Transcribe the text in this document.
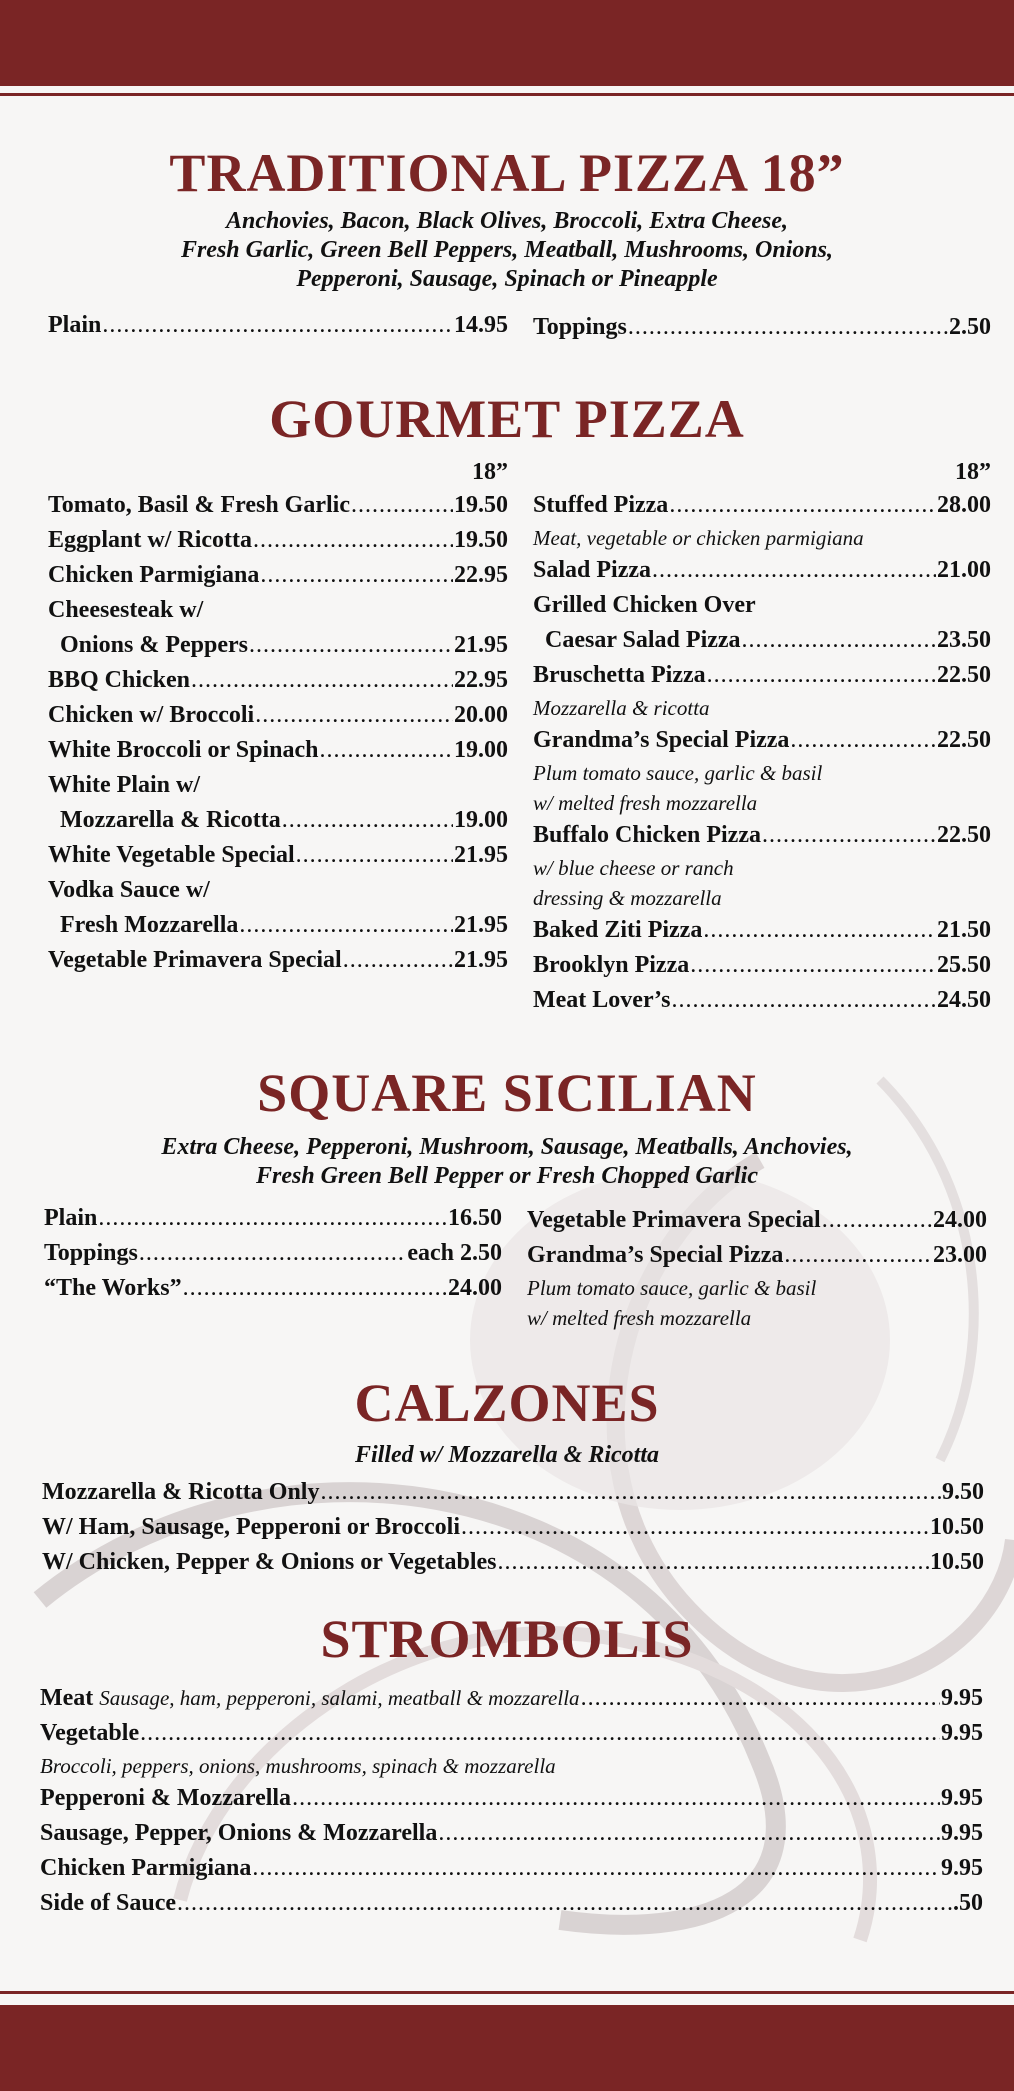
TRADITIONAL PIZZA 18”
Anchovies, Bacon, Black Olives, Broccoli, Extra Cheese,
Fresh Garlic, Green Bell Peppers, Meatball, Mushrooms, Onions,
Pepperoni, Sausage, Spinach or Pineapple
Plain .....	14.95 Toppings .....	2.50
GOURMET PIZZA
18”
Tomato, Basil & Fresh Garlic .....	19.50
Eggplant w/ Ricotta .....	19.50
Chicken Parmigiana .....	22.95
Cheesesteak w/
Onions & Peppers .....	21.95
BBQ Chicken .....	22.95
Chicken w/ Broccoli .....	20.00
White Broccoli or Spinach .....	19.00
White Plain w/
Mozzarella & Ricotta .....	19.00
White Vegetable Special .....	21.95
Vodka Sauce w/
Fresh Mozzarella .....	21.95
Vegetable Primavera Special .....	21.95
18”
Stuffed Pizza .....	28.00
Meat, vegetable or chicken parmigiana
Salad Pizza .....	21.00
Grilled Chicken Over
Caesar Salad Pizza .....	23.50
Bruschetta Pizza .....	22.50
Mozzarella & ricotta
Grandma’s Special Pizza .....	22.50
Plum tomato sauce, garlic & basil
w/ melted fresh mozzarella
Buffalo Chicken Pizza .....	22.50
w/ blue cheese or ranch
dressing & mozzarella
Baked Ziti Pizza .....	21.50
Brooklyn Pizza .....	25.50
Meat Lover’s .....	24.50
SQUARE SICILIAN
Extra Cheese, Pepperoni, Mushroom, Sausage, Meatballs, Anchovies,
Fresh Green Bell Pepper or Fresh Chopped Garlic
Plain .....	16.50
Toppings .....	each 2.50
“The Works” .....	24.00
Vegetable Primavera Special .....	24.00
Grandma’s Special Pizza .....	23.00
Plum tomato sauce, garlic & basil
w/ melted fresh mozzarella
CALZONES
Filled w/ Mozzarella & Ricotta
Mozzarella & Ricotta Only .....	9.50
W/ Ham, Sausage, Pepperoni or Broccoli .....	10.50
W/ Chicken, Pepper & Onions or Vegetables .....	10.50
STROMBOLIS
Meat Sausage, ham, pepperoni, salami, meatball & mozzarella .....	9.95
Vegetable .....	9.95
Broccoli, peppers, onions, mushrooms, spinach & mozzarella
Pepperoni & Mozzarella .....	9.95
Sausage, Pepper, Onions & Mozzarella .....	9.95
Chicken Parmigiana .....	9.95
Side of Sauce .....	.50
